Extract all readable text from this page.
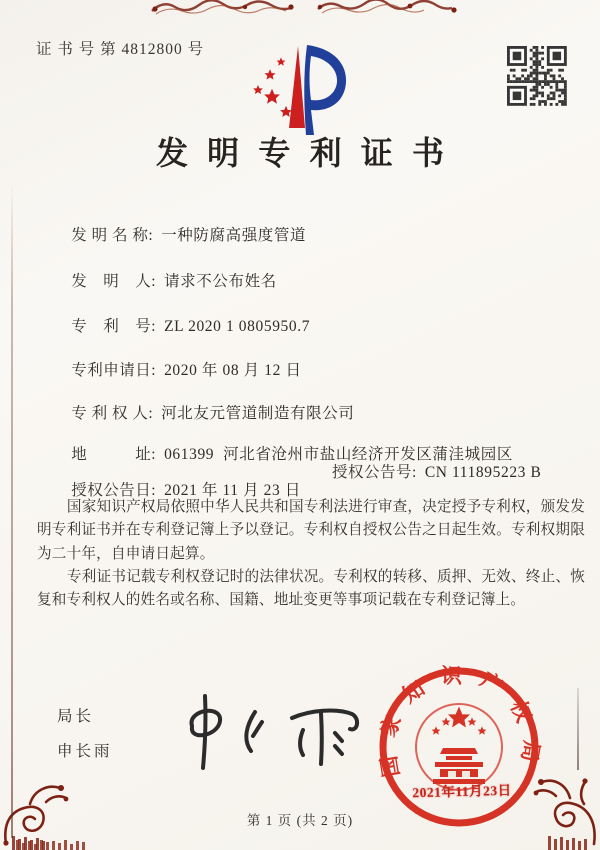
证 书 号 第 4812800 号
发明专利证书

发 明 名 称: 一种防腐高强度管道

发　明　人: 请求不公布姓名

专　利　号: ZL 2020 1 0805950.7

专利申请日: 2020 年 08 月 12 日

专 利 权 人: 河北友元管道制造有限公司

地　　　址: 061399  河北省沧州市盐山经济开发区蒲洼城园区

授权公告日: 2021 年 11 月 23 日

授权公告号: CN 111895223 B

国家知识产权局依照中华人民共和国专利法进行审查，决定授予专利权，颁发发明专利证书并在专利登记簿上予以登记。专利权自授权公告之日起生效。专利权期限为二十年，自申请日起算。

专利证书记载专利权登记时的法律状况。专利权的转移、质押、无效、终止、恢复和专利权人的姓名或名称、国籍、地址变更等事项记载在专利登记簿上。

局长
申长雨	国家知识产权局
2021年11月23日
第 1 页 (共 2 页)
